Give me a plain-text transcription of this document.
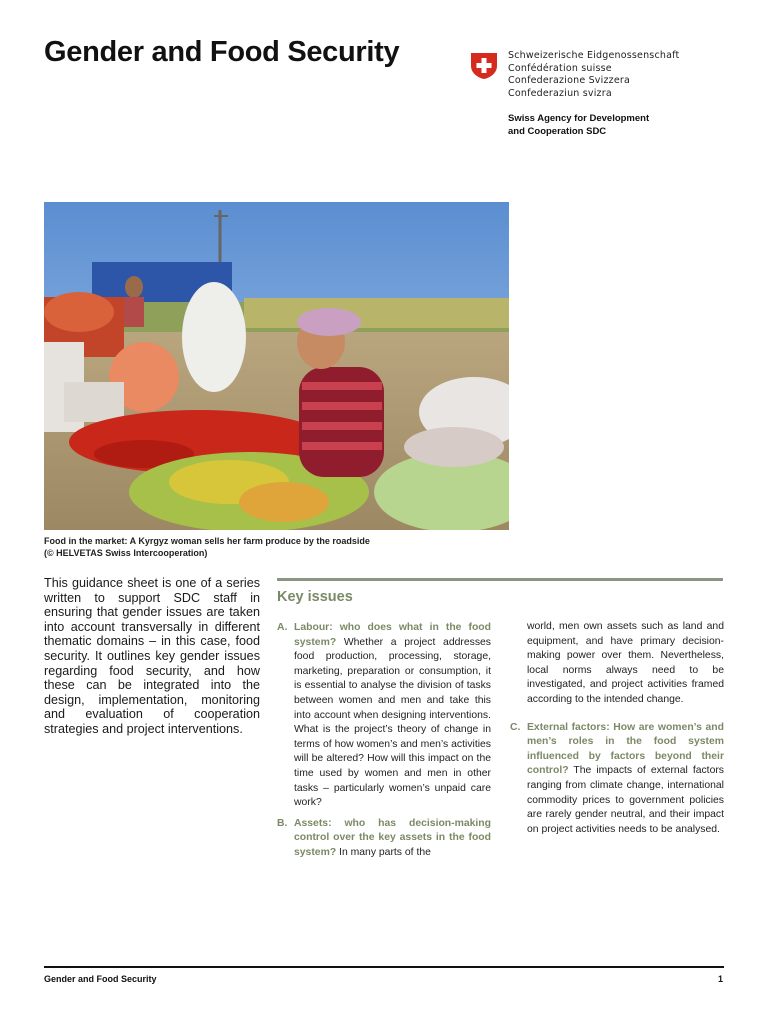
Gender and Food Security	Schweizerische Eidgenossenschaft
Confédération suisse
Confederazione Svizzera
Confederaziun svizra
Swiss Agency for Development
and Cooperation SDC
Food in the market: A Kyrgyz woman sells her farm produce by the roadside
(© HELVETAS Swiss Intercooperation)

This guidance sheet is one of a series written to support SDC staff in ensuring that gender issues are taken into account transversally in different thematic domains – in this case, food security. It outlines key gender issues regarding food security, and how these can be integrated into the design, implementation, monitoring and evaluation of cooperation strategies and project interventions.

Key issues
A. Labour: who does what in the food system? Whether a project addresses food production, processing, storage, marketing, preparation or consumption, it is essential to analyse the division of tasks between women and men and take this into account when designing interventions. What is the project’s theory of change in terms of how women’s and men’s activities will be altered? How will this impact on the time used by women and men in other tasks – particularly women’s unpaid care work?
B. Assets: who has decision-making control over the key assets in the food system? In many parts of the

world, men own assets such as land and equipment, and have primary decision-making power over them. Nevertheless, local norms always need to be investigated, and project activities framed according to the intended change.

C. External factors: How are women’s and men’s roles in the food system influenced by factors beyond their control? The impacts of external factors ranging from climate change, international commodity prices to government policies are rarely gender neutral, and their impact on project activities needs to be analysed.
Gender and Food Security	1
